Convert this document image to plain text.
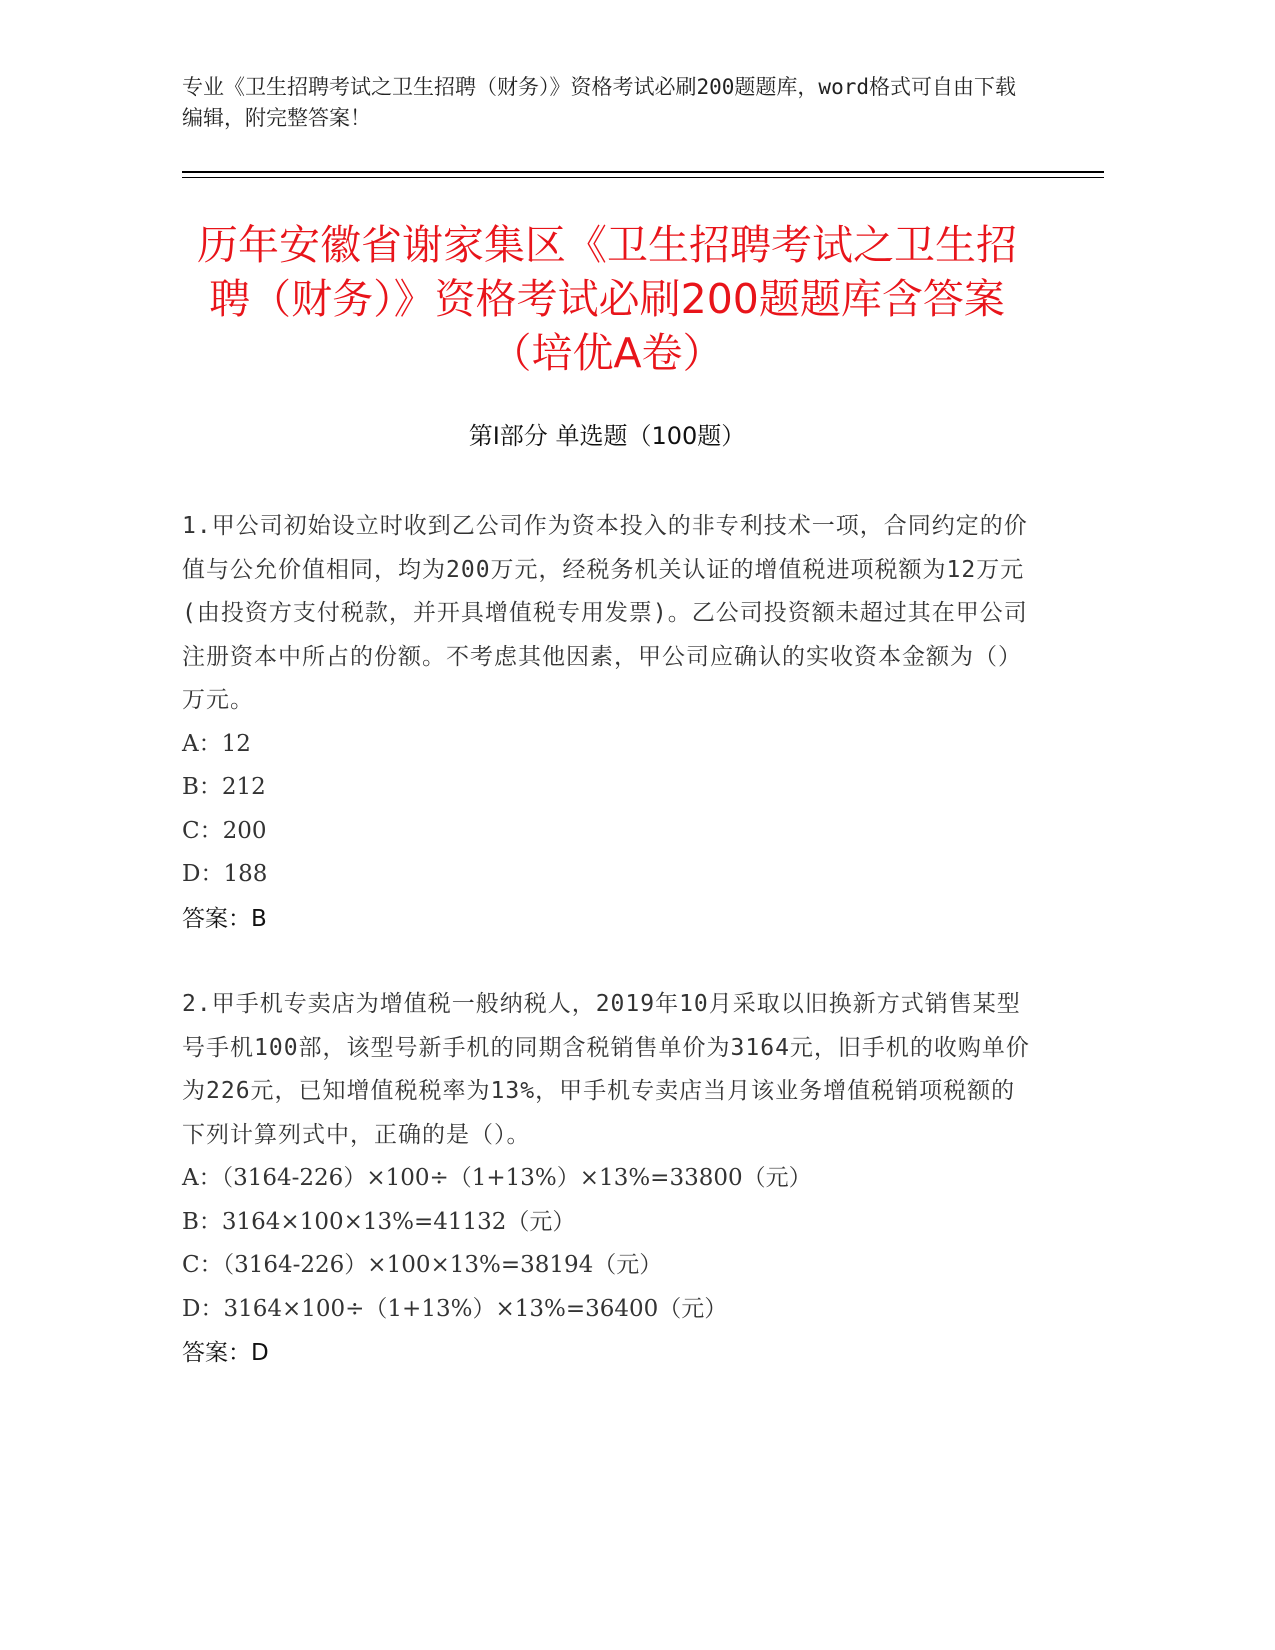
专业《卫生招聘考试之卫生招聘（财务）》资格考试必刷200题题库，word格式可自由下载编辑，附完整答案！
历年安徽省谢家集区《卫生招聘考试之卫生招聘（财务）》资格考试必刷200题题库含答案（培优A卷）
第I部分 单选题（100题）
1.甲公司初始设立时收到乙公司作为资本投入的非专利技术一项，合同约定的价值与公允价值相同，均为200万元，经税务机关认证的增值税进项税额为12万元(由投资方支付税款，并开具增值税专用发票)。乙公司投资额未超过其在甲公司注册资本中所占的份额。不考虑其他因素，甲公司应确认的实收资本金额为（）万元。
A：12
B：212
C：200
D：188
答案：B
2.甲手机专卖店为增值税一般纳税人，2019年10月采取以旧换新方式销售某型号手机100部，该型号新手机的同期含税销售单价为3164元，旧手机的收购单价为226元，已知增值税税率为13%，甲手机专卖店当月该业务增值税销项税额的下列计算列式中，正确的是（）。
A：（3164-226）×100÷（1+13%）×13%=33800（元）
B：3164×100×13%=41132（元）
C：（3164-226）×100×13%=38194（元）
D：3164×100÷（1+13%）×13%=36400（元）
答案：D
